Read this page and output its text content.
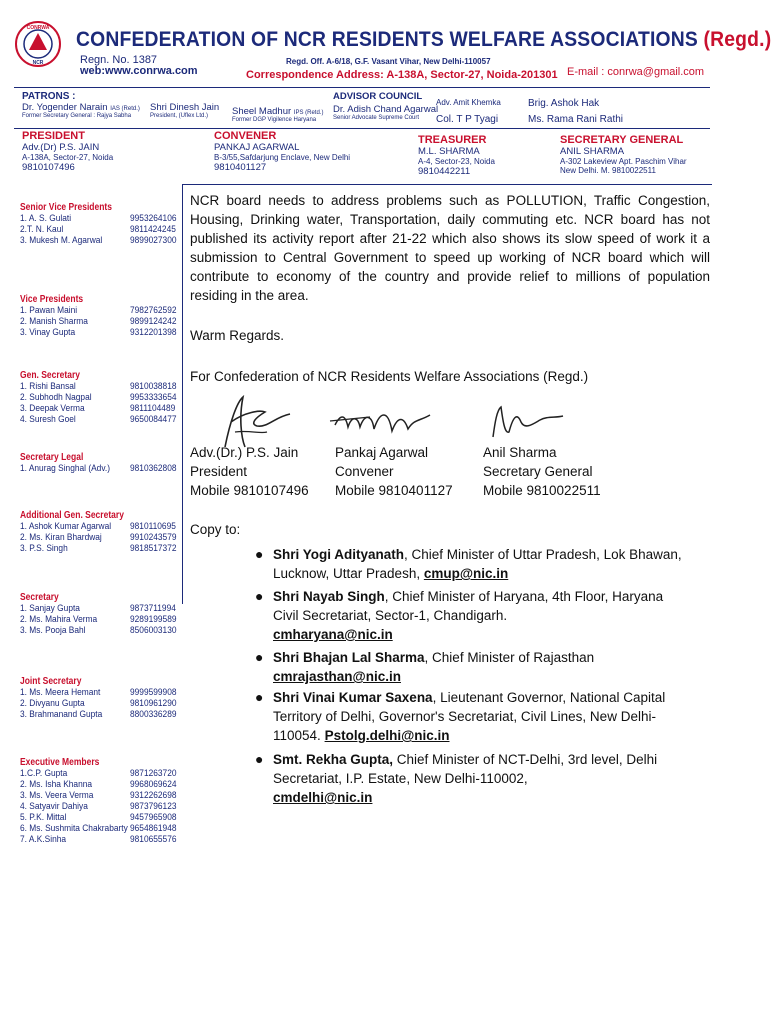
CONRWA
NCR
CONFEDERATION OF NCR RESIDENTS WELFARE ASSOCIATIONS (Regd.)
Regn. No. 1387
web:www.conrwa.com
Regd. Off. A-6/18, G.F. Vasant Vihar, New Delhi-110057
Correspondence Address: A-138A, Sector-27, Noida-201301 E-mail : conrwa@gmail.com
PATRONS :
Dr. Yogender Narain IAS (Retd.)
Former Secretary General : Rajya Sabha
Shri Dinesh Jain
President, (Uflex Ltd.)	Sheel Madhur IPS (Retd.)
Former DGP Vigilence Haryana
ADVISOR COUNCIL
Dr. Adish Chand Agarwal
Senior Advocate Supreme Court
Adv. Amit Khemka
Col. T P Tyagi
Brig. Ashok Hak
Ms. Rama Rani Rathi
PRESIDENT
Adv.(Dr) P.S. JAIN
A-138A, Sector-27, Noida
9810107496
CONVENER
PANKAJ AGARWAL
B-3/55,Safdarjung Enclave, New Delhi
9810401127
TREASURER
M.L. SHARMA
A-4, Sector-23, Noida
9810442211
SECRETARY GENERAL
ANIL SHARMA
A-302 Lakeview Apt. Paschim Vihar
New Delhi. M. 9810022511
Senior Vice Presidents
1. A. S. Gulati	9953264106
2.T. N. Kaul	9811424245
3. Mukesh M. Agarwal	9899027300
Vice Presidents
1. Pawan Maini	7982762592
2. Manish Sharma	9899124242
3. Vinay Gupta	9312201398
Gen. Secretary
1. Rishi Bansal	9810038818
2. Subhodh Nagpal	9953333654
3. Deepak Verma	9811104489
4. Suresh Goel	9650084477
Secretary Legal
1. Anurag Singhal (Adv.) 9810362808
Additional Gen. Secretary
1. Ashok Kumar Agarwal 9810110695
2. Ms. Kiran Bhardwaj	9910243579
3. P.S. Singh	9818517372
Secretary
1. Sanjay Gupta	9873711994
2. Ms. Mahira Verma	9289199589
3. Ms. Pooja Bahl	8506003130
Joint Secretary
1. Ms. Meera Hemant	9999599908
2. Divyanu Gupta	9810961290
3. Brahmanand Gupta	8800336289
Executive Members
1.C.P. Gupta	9871263720
2. Ms. Isha Khanna	9968069624
3. Ms. Veera Verma	9312262698
4. Satyavir Dahiya	9873796123
5. P.K. Mittal	9457965908
6. Ms. Sushmita Chakrabarty 9654861948
7. A.K.Sinha	9810655576
NCR board needs to address problems such as POLLUTION, Traffic Congestion, Housing, Drinking water, Transportation, daily commuting etc. NCR board has not published its activity report after 21-22 which also shows its slow speed of work it a submission to Central Government to speed up working of NCR board which will contribute to economy of the country and provide relief to millions of population residing in the area.
Warm Regards.
For Confederation of NCR Residents Welfare Associations (Regd.)
Adv.(Dr.) P.S. Jain
President
Mobile 9810107496
Pankaj Agarwal
Convener
Mobile 9810401127
Anil Sharma
Secretary General
Mobile 9810022511
Copy to:
● Shri Yogi Adityanath, Chief Minister of Uttar Pradesh, Lok Bhawan, Lucknow, Uttar Pradesh, cmup@nic.in
● Shri Nayab Singh, Chief Minister of Haryana, 4th Floor, Haryana Civil Secretariat, Sector-1, Chandigarh.
cmharyana@nic.in
● Shri Bhajan Lal Sharma, Chief Minister of Rajasthan
cmrajasthan@nic.in
● Shri Vinai Kumar Saxena, Lieutenant Governor, National Capital Territory of Delhi, Governor's Secretariat, Civil Lines, New Delhi-110054. Pstolg.delhi@nic.in
● Smt. Rekha Gupta, Chief Minister of NCT-Delhi, 3rd level, Delhi Secretariat, I.P. Estate, New Delhi-110002,
cmdelhi@nic.in
